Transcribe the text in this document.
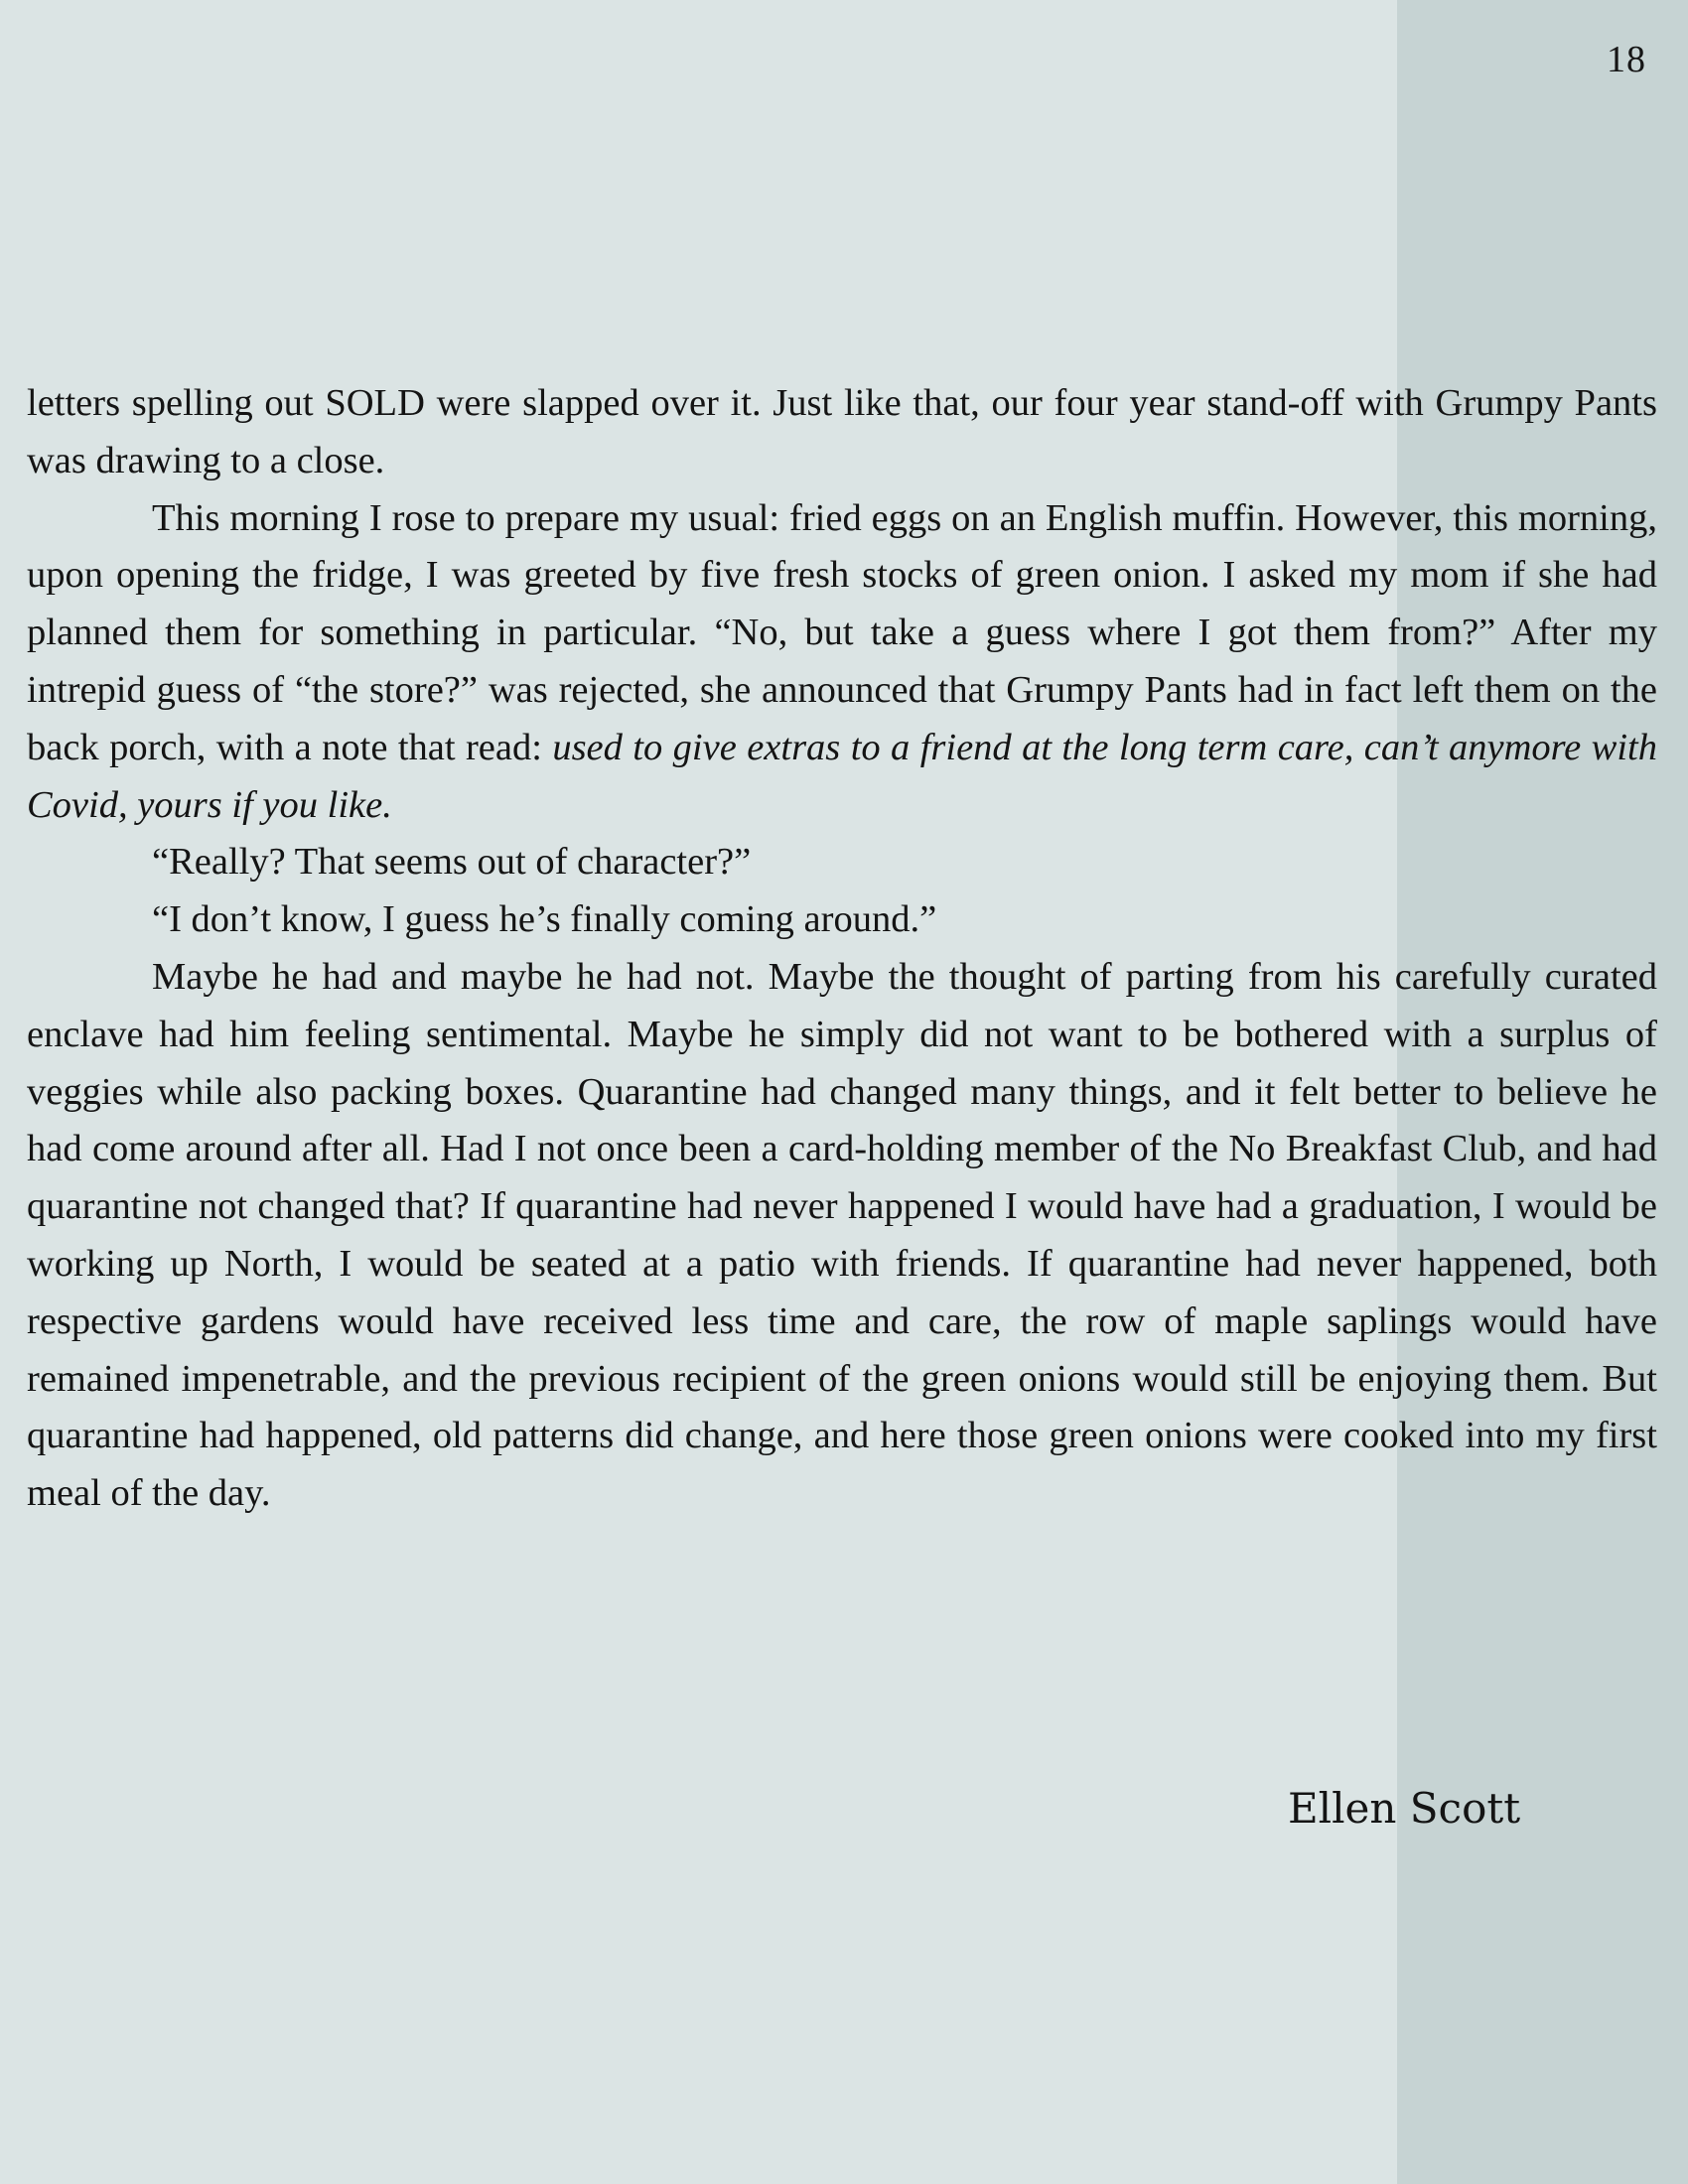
18

letters spelling out SOLD were slapped over it. Just like that, our four year stand-off with Grumpy Pants was drawing to a close.

This morning I rose to prepare my usual: fried eggs on an English muffin. However, this morning, upon opening the fridge, I was greeted by five fresh stocks of green onion. I asked my mom if she had planned them for something in particular. “No, but take a guess where I got them from?” After my intrepid guess of “the store?” was rejected, she announced that Grumpy Pants had in fact left them on the back porch, with a note that read: used to give extras to a friend at the long term care, can’t anymore with Covid, yours if you like.

“Really? That seems out of character?”

“I don’t know, I guess he’s finally coming around.”

Maybe he had and maybe he had not. Maybe the thought of parting from his carefully curated enclave had him feeling sentimental. Maybe he simply did not want to be bothered with a surplus of veggies while also packing boxes. Quarantine had changed many things, and it felt better to believe he had come around after all. Had I not once been a card-holding member of the No Breakfast Club, and had quarantine not changed that? If quarantine had never happened I would have had a graduation, I would be working up North, I would be seated at a patio with friends. If quarantine had never happened, both respective gardens would have received less time and care, the row of maple saplings would have remained impenetrable, and the previous recipient of the green onions would still be enjoying them. But quarantine had happened, old patterns did change, and here those green onions were cooked into my first meal of the day.

Ellen Scott
